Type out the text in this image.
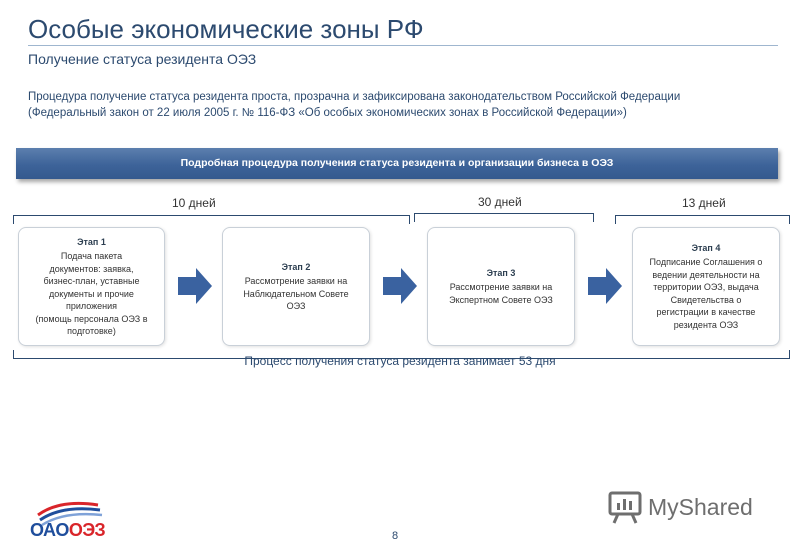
Особые экономические зоны РФ
Получение статуса резидента ОЭЗ
Процедура получение статуса резидента проста, прозрачна и зафиксирована законодательством Российской Федерации
(Федеральный закон от 22 июля 2005 г. № 116-ФЗ «Об особых экономических зонах в Российской Федерации»)
Подробная процедура получения статуса резидента и организации бизнеса в ОЭЗ
10 дней	30 дней	13 дней
Этап 1
Подача пакета
документов: заявка,
бизнес-план, уставные
документы и прочие
приложения
(помощь персонала ОЭЗ в
подготовке)
Этап 2
Рассмотрение заявки на
Наблюдательном Совете
ОЭЗ
Этап 3
Рассмотрение заявки на
Экспертном Совете ОЭЗ
Этап 4
Подписание Соглашения о
ведении деятельности на
территории ОЭЗ, выдача
Свидетельства о
регистрации в качестве
резидента ОЭЗ
Процесс получения статуса резидента занимает 53 дня
ОАООЭЗ	8
MyShared
